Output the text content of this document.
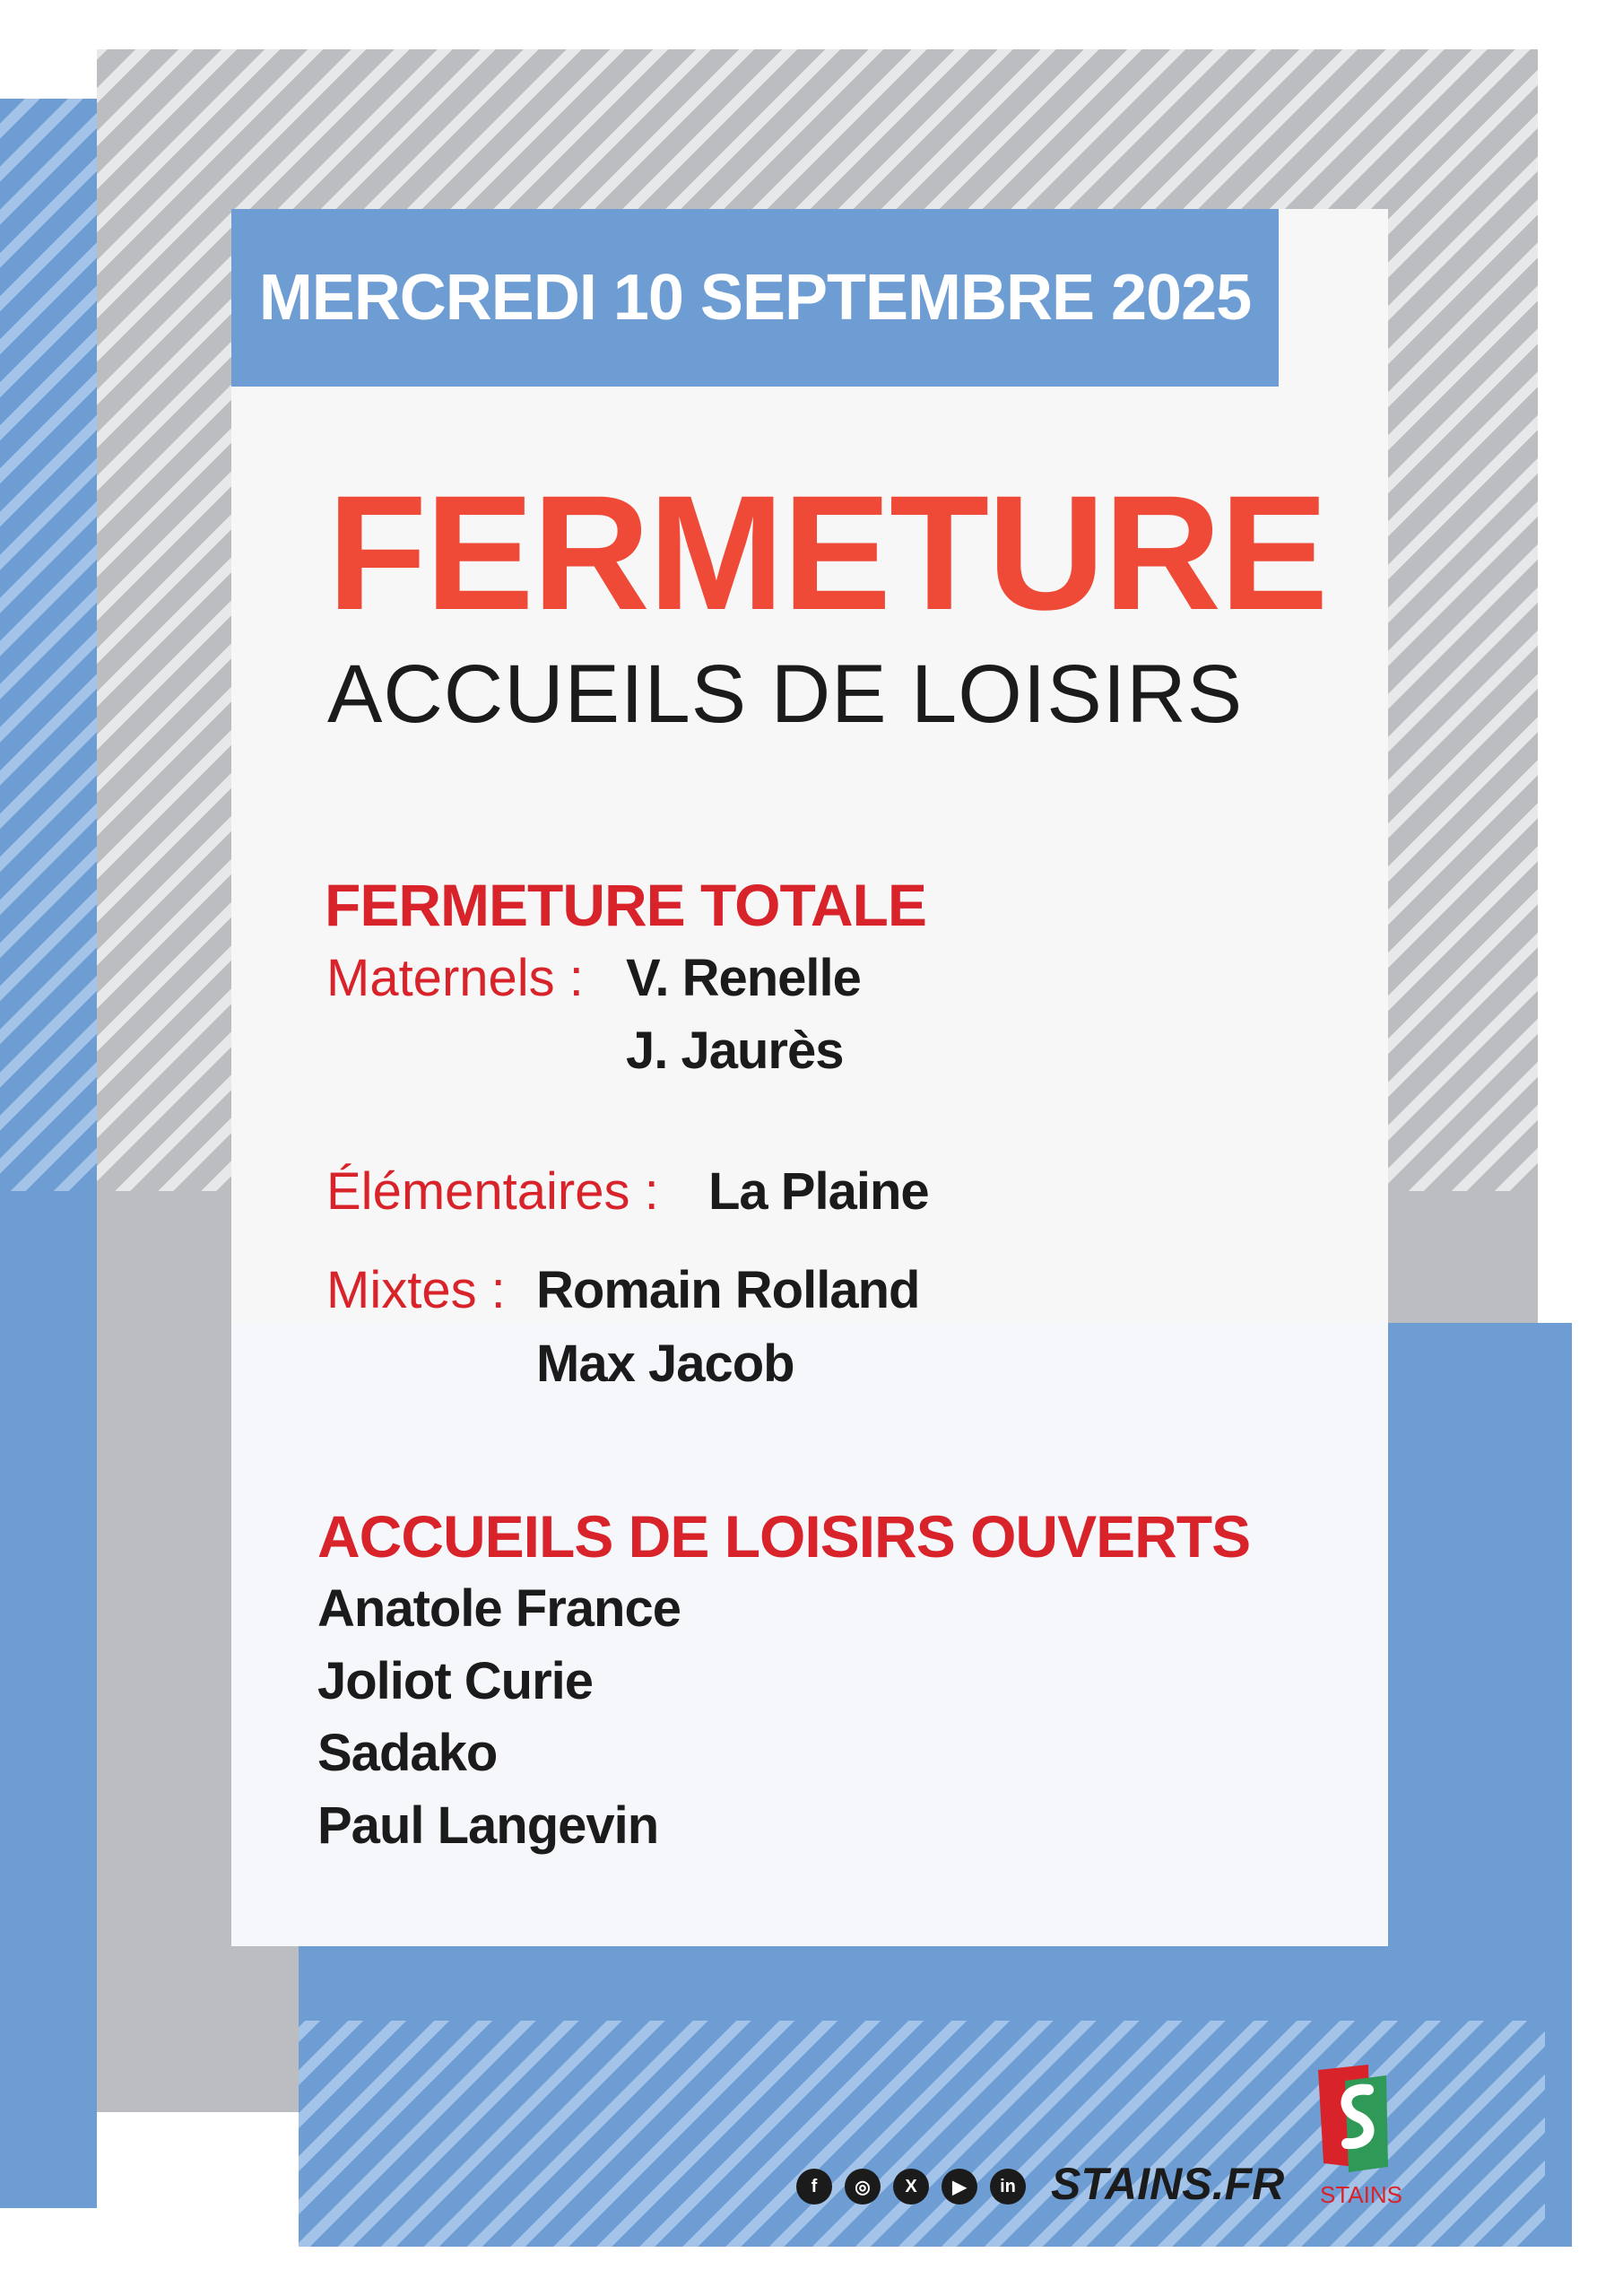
MERCREDI 10 SEPTEMBRE 2025
FERMETURE
ACCUEILS DE LOISIRS
FERMETURE TOTALE
Maternels : V. Renelle
J. Jaurès
Élémentaires : La Plaine
Mixtes : Romain Rolland
Max Jacob
ACCUEILS DE LOISIRS OUVERTS
Anatole France
Joliot Curie
Sadako
Paul Langevin
f	◎	X	▶	in STAINS.FR STAINS
